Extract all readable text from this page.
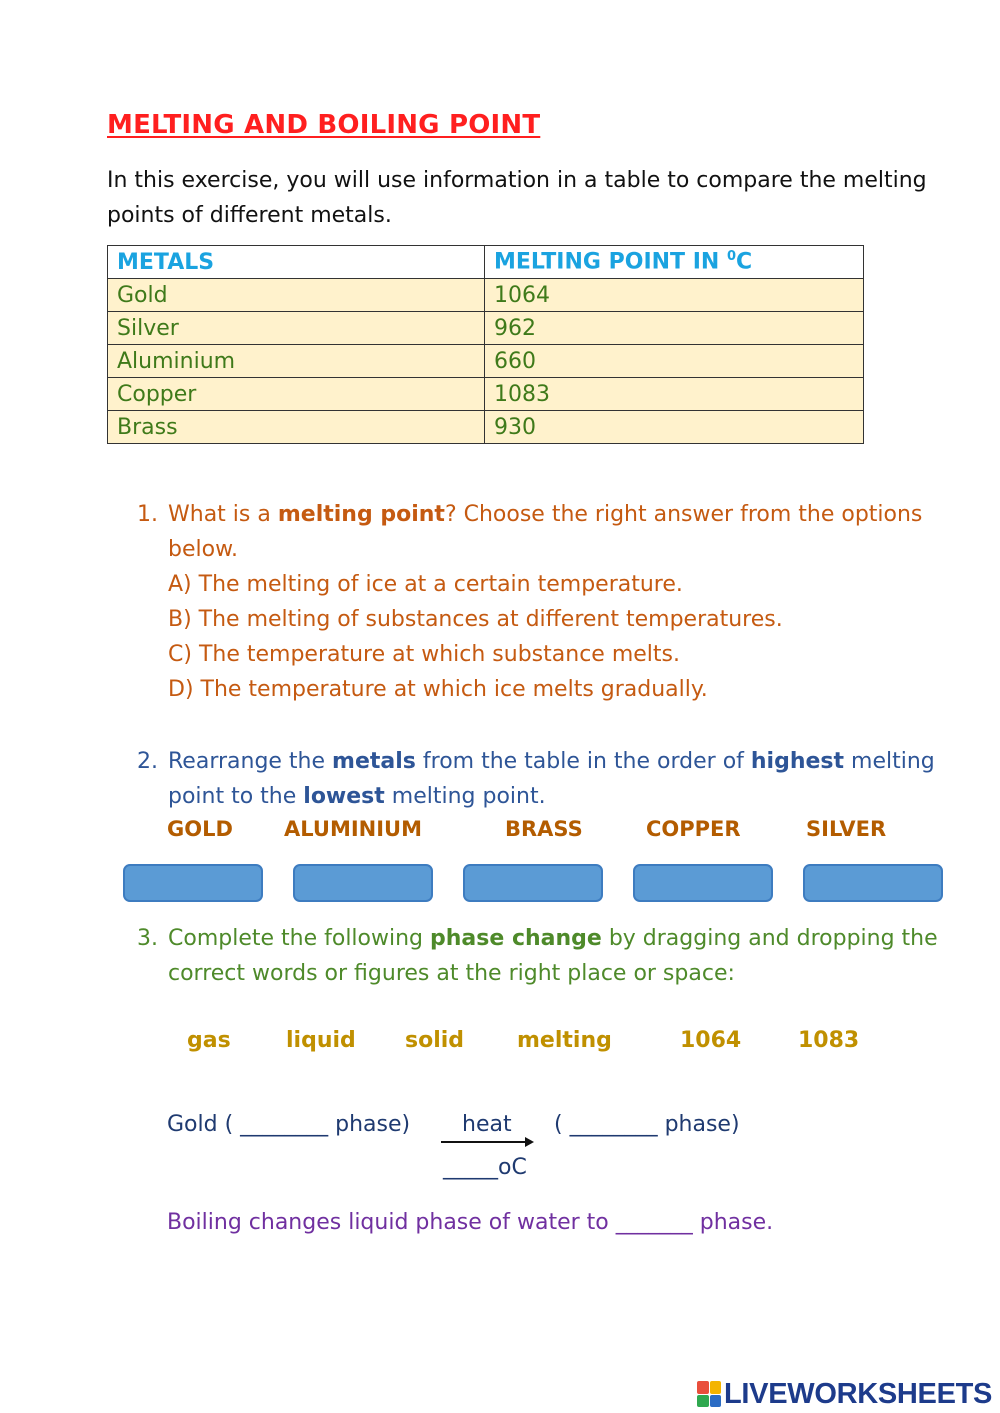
MELTING AND BOILING POINT
In this exercise, you will use information in a table to compare the melting points of different metals.
METALS	MELTING POINT IN $^0$C
Gold	1064
Silver	962
Aluminium	660
Copper	1083
Brass	930
1. What is a melting point? Choose the right answer from the options below.
A) The melting of ice at a certain temperature.
B) The melting of substances at different temperatures.
C) The temperature at which substance melts.
D) The temperature at which ice melts gradually.
2. Rearrange the metals from the table in the order of highest melting point to the lowest melting point.
GOLD ALUMINIUM	BRASS	COPPER	SILVER
3. Complete the following phase change by dragging and dropping the correct words or figures at the right place or space:
gas	liquid solid melting	1064	1083
Gold ( ________ phase) heat ( ________ phase)
_____oC
Boiling changes liquid phase of water to _______ phase.
LIVEWORKSHEETS
